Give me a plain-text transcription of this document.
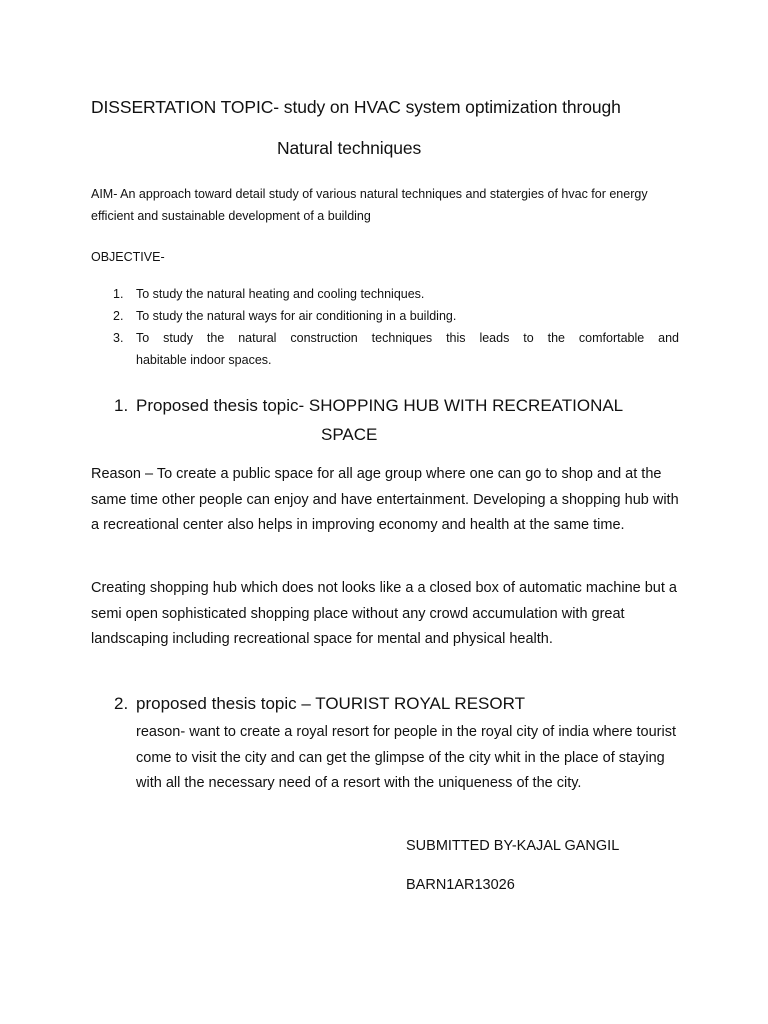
DISSERTATION TOPIC- study on HVAC system optimization through
Natural techniques
AIM- An approach toward detail study of various natural techniques and statergies of hvac for energy efficient and sustainable development of a building
OBJECTIVE-
1. To study the natural heating and cooling techniques.
2. To study the natural ways for air conditioning in a building.
3. To study the natural construction techniques this leads to the comfortable and
habitable indoor spaces.
1. Proposed thesis topic- SHOPPING HUB WITH RECREATIONAL
SPACE
Reason – To create a public space for all age group where one can go to shop and at the same time other people can enjoy and have entertainment. Developing a shopping hub with a recreational center also helps in improving economy and health at the same time.
Creating shopping hub which does not looks like a a closed box of automatic machine but a semi open sophisticated shopping place without any crowd accumulation with great landscaping including recreational space for mental and physical health.
2. proposed thesis topic – TOURIST ROYAL RESORT
reason- want to create a royal resort for people in the royal city of india where tourist come to visit the city and can get the glimpse of the city whit in the place of staying with all the necessary need of a resort with the uniqueness of the city.
SUBMITTED BY-KAJAL GANGIL
BARN1AR13026
